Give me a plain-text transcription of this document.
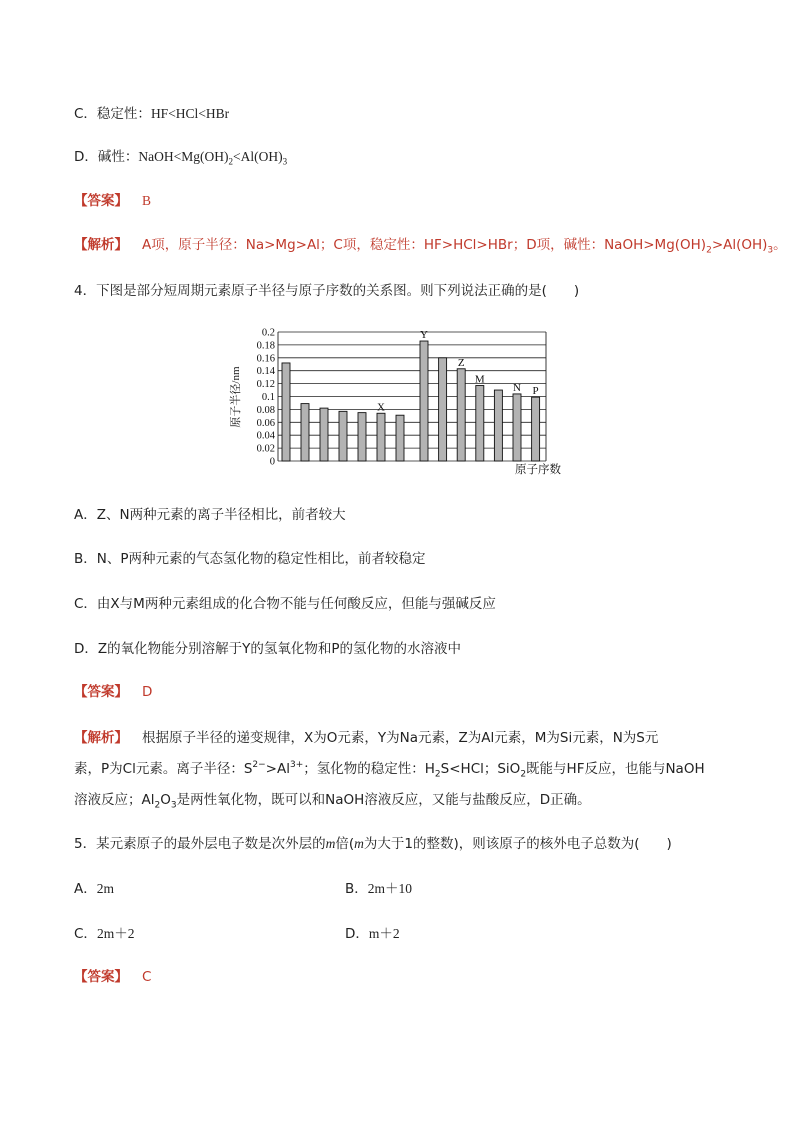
C．稳定性：HF<HCl<HBr
D．碱性：$NaOH<Mg(OH)_2<Al(OH)_3$
【答案】 B
【解析】 A项，原子半径：Na>Mg>Al；C项，稳定性：HF>HCl>HBr；D项，碱性：$NaOH>Mg(OH)_2>Al(OH)_3$。
4．下图是部分短周期元素原子半径与原子序数的关系图。则下列说法正确的是(　　)
0
0.02
0.04
0.06
0.08
0.1
0.12
0.14
0.16
0.18
0.2
X
Y
Z
M
N P
原子半径/nm
原子序数
A．Z、N两种元素的离子半径相比，前者较大
B．N、P两种元素的气态氢化物的稳定性相比，前者较稳定
C．由X与M两种元素组成的化合物不能与任何酸反应，但能与强碱反应
D．Z的氧化物能分别溶解于Y的氢氧化物和P的氢化物的水溶液中
【答案】 D
【解析】 根据原子半径的递变规律，X为O元素，Y为Na元素，Z为Al元素，M为Si元素，N为S元
素，P为Cl元素。离子半径：$S^{2-}>Al^{3+}$；氢化物的稳定性：$H_2S<HCl$；SiO$_2$既能与HF反应，也能与NaOH
溶液反应；$Al_2O_3$是两性氧化物，既可以和NaOH溶液反应，又能与盐酸反应，D正确。
5．某元素原子的最外层电子数是次外层的m倍(m为大于1的整数)，则该原子的核外电子总数为(　　)
A．2m	B．2m＋10
C．2m＋2	D．m＋2
【答案】 C
